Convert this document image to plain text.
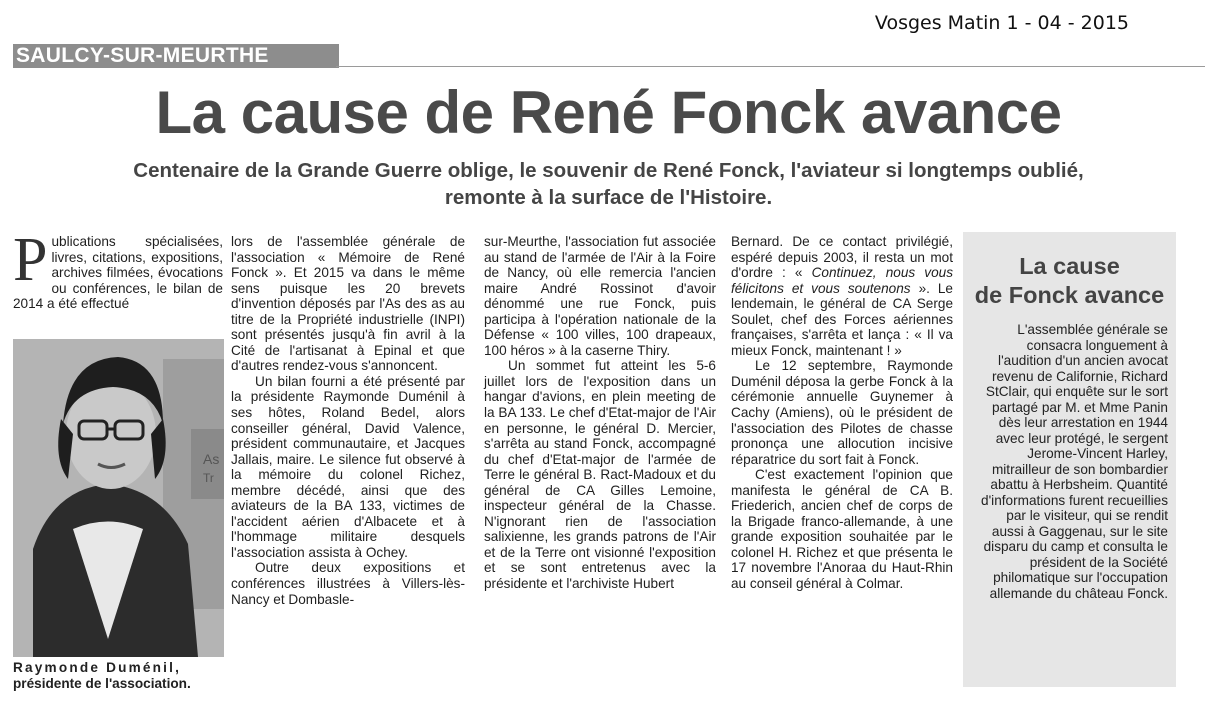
Vosges Matin 1 - 04 - 2015
SAULCY-SUR-MEURTHE
La cause de René Fonck avance
Centenaire de la Grande Guerre oblige, le souvenir de René Fonck, l'aviateur si longtemps oublié,
remonte à la surface de l'Histoire.

Publications spécialisées, livres, citations, expositions, archives filmées, évocations ou conférences, le bilan de 2014 a été effectué

As
Tr
Raymonde Duménil,
présidente de l'association.

lors de l'assemblée générale de l'association « Mémoire de René Fonck ». Et 2015 va dans le même sens puisque les 20 brevets d'invention déposés par l'As des as au titre de la Propriété industrielle (INPI) sont présentés jusqu'à fin avril à la Cité de l'artisanat à Epinal et que d'autres rendez-vous s'annoncent.

Un bilan fourni a été présenté par la présidente Raymonde Duménil à ses hôtes, Roland Bedel, alors conseiller général, David Valence, président communautaire, et Jacques Jallais, maire. Le silence fut observé à la mémoire du colonel Richez, membre décédé, ainsi que des aviateurs de la BA 133, victimes de l'accident aérien d'Albacete et à l'hommage militaire desquels l'association assista à Ochey.

Outre deux expositions et conférences illustrées à Villers-lès-Nancy et Dombasle-

sur-Meurthe, l'association fut associée au stand de l'armée de l'Air à la Foire de Nancy, où elle remercia l'ancien maire André Rossinot d'avoir dénommé une rue Fonck, puis participa à l'opération nationale de la Défense « 100 villes, 100 drapeaux, 100 héros » à la caserne Thiry.

Un sommet fut atteint les 5-6 juillet lors de l'exposition dans un hangar d'avions, en plein meeting de la BA 133. Le chef d'Etat-major de l'Air en personne, le général D. Mercier, s'arrêta au stand Fonck, accompagné du chef d'Etat-major de l'armée de Terre le général B. Ract-Madoux et du général de CA Gilles Lemoine, inspecteur général de la Chasse. N'ignorant rien de l'association salixienne, les grands patrons de l'Air et de la Terre ont visionné l'exposition et se sont entretenus avec la présidente et l'archiviste Hubert

Bernard. De ce contact privilégié, espéré depuis 2003, il resta un mot d'ordre : « Continuez, nous vous félicitons et vous soutenons ». Le lendemain, le général de CA Serge Soulet, chef des Forces aériennes françaises, s'arrêta et lança : « Il va mieux Fonck, maintenant ! »

Le 12 septembre, Raymonde Duménil déposa la gerbe Fonck à la cérémonie annuelle Guynemer à Cachy (Amiens), où le président de l'association des Pilotes de chasse prononça une allocution incisive réparatrice du sort fait à Fonck.

C'est exactement l'opinion que manifesta le général de CA B. Friederich, ancien chef de corps de la Brigade franco-allemande, à une grande exposition souhaitée par le colonel H. Richez et que présenta le 17 novembre l'Anoraa du Haut-Rhin au conseil général à Colmar.

La cause
de Fonck avance
L'assemblée générale se consacra longuement à l'audition d'un ancien avocat revenu de Californie, Richard StClair, qui enquête sur le sort partagé par M. et Mme Panin dès leur arrestation en 1944 avec leur protégé, le sergent Jerome-Vincent Harley, mitrailleur de son bombardier abattu à Herbsheim. Quantité d'informations furent recueillies par le visiteur, qui se rendit aussi à Gaggenau, sur le site disparu du camp et consulta le président de la Société philomatique sur l'occupation allemande du château Fonck.
